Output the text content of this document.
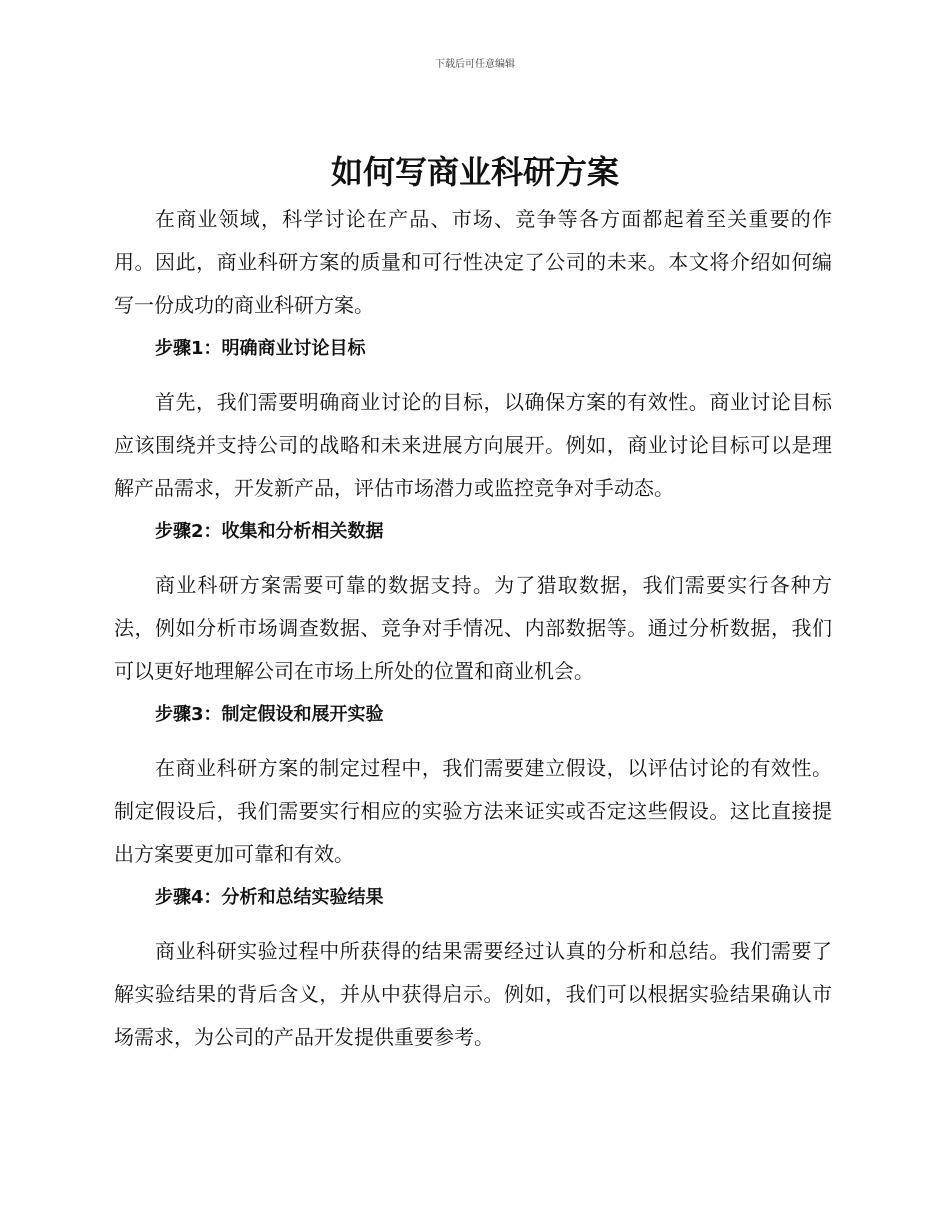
下载后可任意编辑
如何写商业科研方案

在商业领域，科学讨论在产品、市场、竞争等各方面都起着至关重要的作用。因此，商业科研方案的质量和可行性决定了公司的未来。本文将介绍如何编写一份成功的商业科研方案。

步骤1：明确商业讨论目标

首先，我们需要明确商业讨论的目标，以确保方案的有效性。商业讨论目标应该围绕并支持公司的战略和未来进展方向展开。例如，商业讨论目标可以是理解产品需求，开发新产品，评估市场潜力或监控竞争对手动态。

步骤2：收集和分析相关数据

商业科研方案需要可靠的数据支持。为了猎取数据，我们需要实行各种方法，例如分析市场调查数据、竞争对手情况、内部数据等。通过分析数据，我们可以更好地理解公司在市场上所处的位置和商业机会。

步骤3：制定假设和展开实验

在商业科研方案的制定过程中，我们需要建立假设，以评估讨论的有效性。制定假设后，我们需要实行相应的实验方法来证实或否定这些假设。这比直接提出方案要更加可靠和有效。

步骤4：分析和总结实验结果

商业科研实验过程中所获得的结果需要经过认真的分析和总结。我们需要了解实验结果的背后含义，并从中获得启示。例如，我们可以根据实验结果确认市场需求，为公司的产品开发提供重要参考。
